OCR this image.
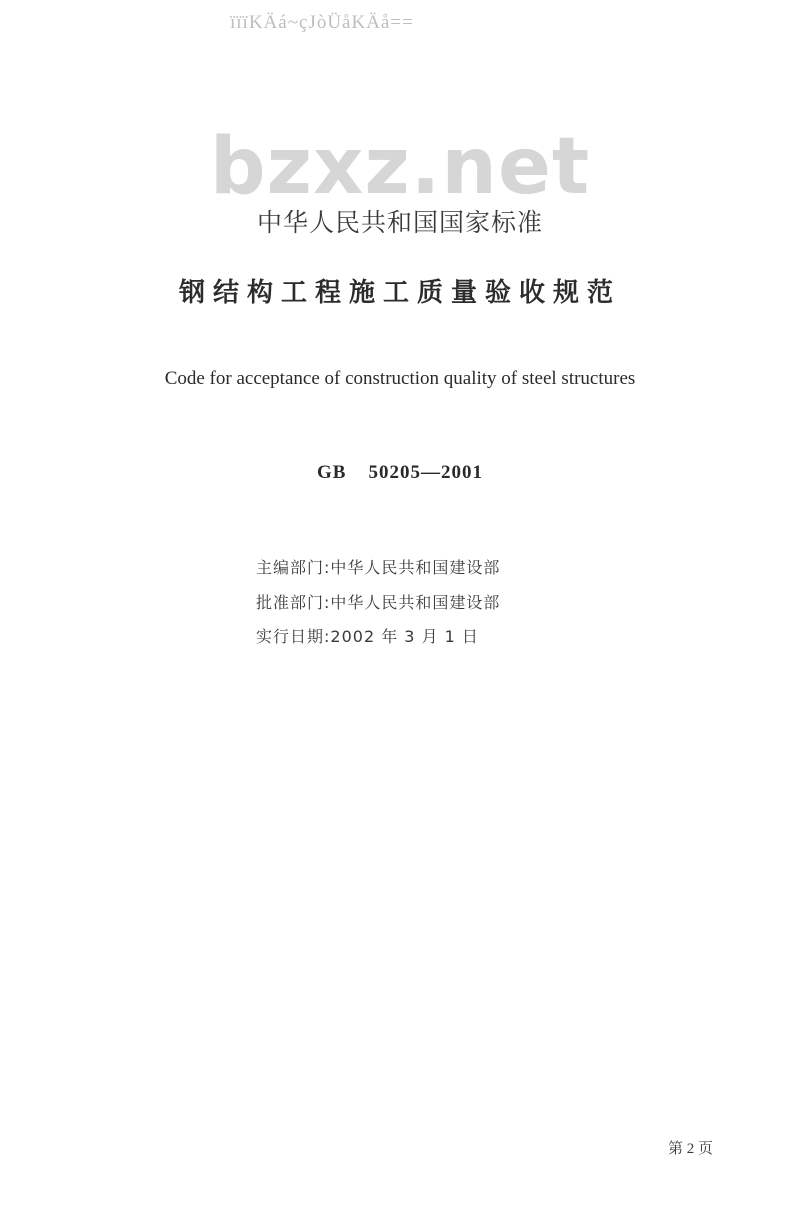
ïïïKÄá~çJòÜåKÄå==
bzxz.net
中华人民共和国国家标准
钢结构工程施工质量验收规范
Code for acceptance of construction quality of steel structures
GB 50205—2001
主编部门:中华人民共和国建设部
批准部门:中华人民共和国建设部
实行日期:2002 年 3 月 1 日
第 2 页
